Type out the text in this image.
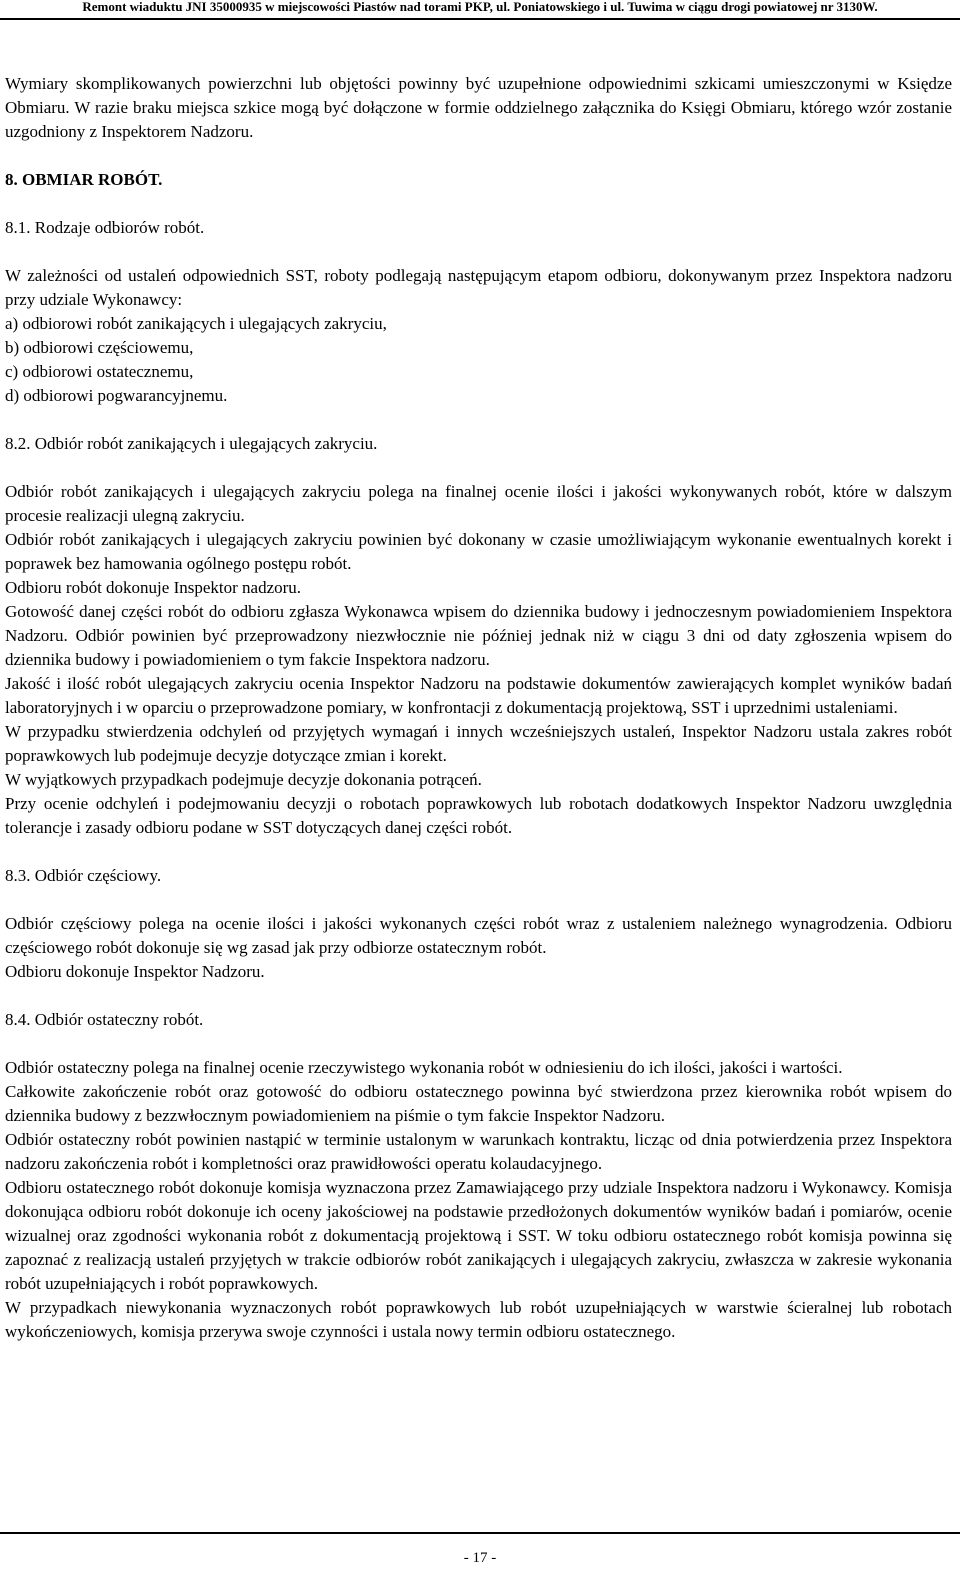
Remont wiaduktu JNI 35000935 w miejscowości Piastów nad torami PKP, ul. Poniatowskiego i ul. Tuwima w ciągu drogi powiatowej nr 3130W.

Wymiary skomplikowanych powierzchni lub objętości powinny być uzupełnione odpowiednimi szkicami umieszczonymi w Księdze Obmiaru. W razie braku miejsca szkice mogą być dołączone w formie oddzielnego załącznika do Księgi Obmiaru, którego wzór zostanie uzgodniony z Inspektorem Nadzoru.

8. OBMIAR ROBÓT.
8.1. Rodzaje odbiorów robót.

W zależności od ustaleń odpowiednich SST, roboty podlegają następującym etapom odbioru, dokonywanym przez Inspektora nadzoru przy udziale Wykonawcy:

a) odbiorowi robót zanikających i ulegających zakryciu,

b) odbiorowi częściowemu,

c) odbiorowi ostatecznemu,

d) odbiorowi pogwarancyjnemu.

8.2. Odbiór robót zanikających i ulegających zakryciu.

Odbiór robót zanikających i ulegających zakryciu polega na finalnej ocenie ilości i jakości wykonywanych robót, które w dalszym procesie realizacji ulegną zakryciu.

Odbiór robót zanikających i ulegających zakryciu powinien być dokonany w czasie umożliwiającym wykonanie ewentualnych korekt i poprawek bez hamowania ogólnego postępu robót.

Odbioru robót dokonuje Inspektor nadzoru.

Gotowość danej części robót do odbioru zgłasza Wykonawca wpisem do dziennika budowy i jednoczesnym powiadomieniem Inspektora Nadzoru. Odbiór powinien być przeprowadzony niezwłocznie nie później jednak niż w ciągu 3 dni od daty zgłoszenia wpisem do dziennika budowy i powiadomieniem o tym fakcie Inspektora nadzoru.

Jakość i ilość robót ulegających zakryciu ocenia Inspektor Nadzoru na podstawie dokumentów zawierających komplet wyników badań laboratoryjnych i w oparciu o przeprowadzone pomiary, w konfrontacji z dokumentacją projektową, SST i uprzednimi ustaleniami.

W przypadku stwierdzenia odchyleń od przyjętych wymagań i innych wcześniejszych ustaleń, Inspektor Nadzoru ustala zakres robót poprawkowych lub podejmuje decyzje dotyczące zmian i korekt.

W wyjątkowych przypadkach podejmuje decyzje dokonania potrąceń.

Przy ocenie odchyleń i podejmowaniu decyzji o robotach poprawkowych lub robotach dodatkowych Inspektor Nadzoru uwzględnia tolerancje i zasady odbioru podane w SST dotyczących danej części robót.

8.3. Odbiór częściowy.

Odbiór częściowy polega na ocenie ilości i jakości wykonanych części robót wraz z ustaleniem należnego wynagrodzenia. Odbioru częściowego robót dokonuje się wg zasad jak przy odbiorze ostatecznym robót.

Odbioru dokonuje Inspektor Nadzoru.

8.4. Odbiór ostateczny robót.

Odbiór ostateczny polega na finalnej ocenie rzeczywistego wykonania robót w odniesieniu do ich ilości, jakości i wartości.

Całkowite zakończenie robót oraz gotowość do odbioru ostatecznego powinna być stwierdzona przez kierownika robót wpisem do dziennika budowy z bezzwłocznym powiadomieniem na piśmie o tym fakcie Inspektor Nadzoru.

Odbiór ostateczny robót powinien nastąpić w terminie ustalonym w warunkach kontraktu, licząc od dnia potwierdzenia przez Inspektora nadzoru zakończenia robót i kompletności oraz prawidłowości operatu kolaudacyjnego.

Odbioru ostatecznego robót dokonuje komisja wyznaczona przez Zamawiającego przy udziale Inspektora nadzoru i Wykonawcy. Komisja dokonująca odbioru robót dokonuje ich oceny jakościowej na podstawie przedłożonych dokumentów wyników badań i pomiarów, ocenie wizualnej oraz zgodności wykonania robót z dokumentacją projektową i SST. W toku odbioru ostatecznego robót komisja powinna się zapoznać z realizacją ustaleń przyjętych w trakcie odbiorów robót zanikających i ulegających zakryciu, zwłaszcza w zakresie wykonania robót uzupełniających i robót poprawkowych.

W przypadkach niewykonania wyznaczonych robót poprawkowych lub robót uzupełniających w warstwie ścieralnej lub robotach wykończeniowych, komisja przerywa swoje czynności i ustala nowy termin odbioru ostatecznego.

- 17 -
